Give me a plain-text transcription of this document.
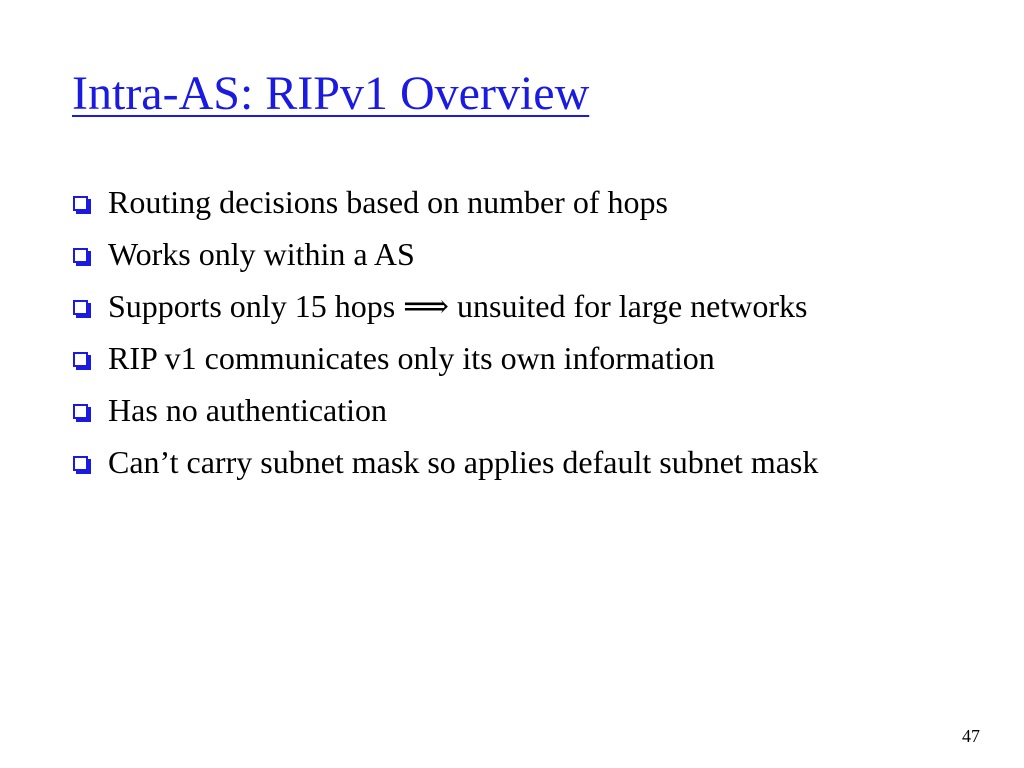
Intra-AS: RIPv1 Overview
Routing decisions based on number of hops
Works only within a AS
Supports only 15 hops ⟹ unsuited for large networks
RIP v1 communicates only its own information
Has no authentication
Can’t carry subnet mask so applies default subnet mask
47
